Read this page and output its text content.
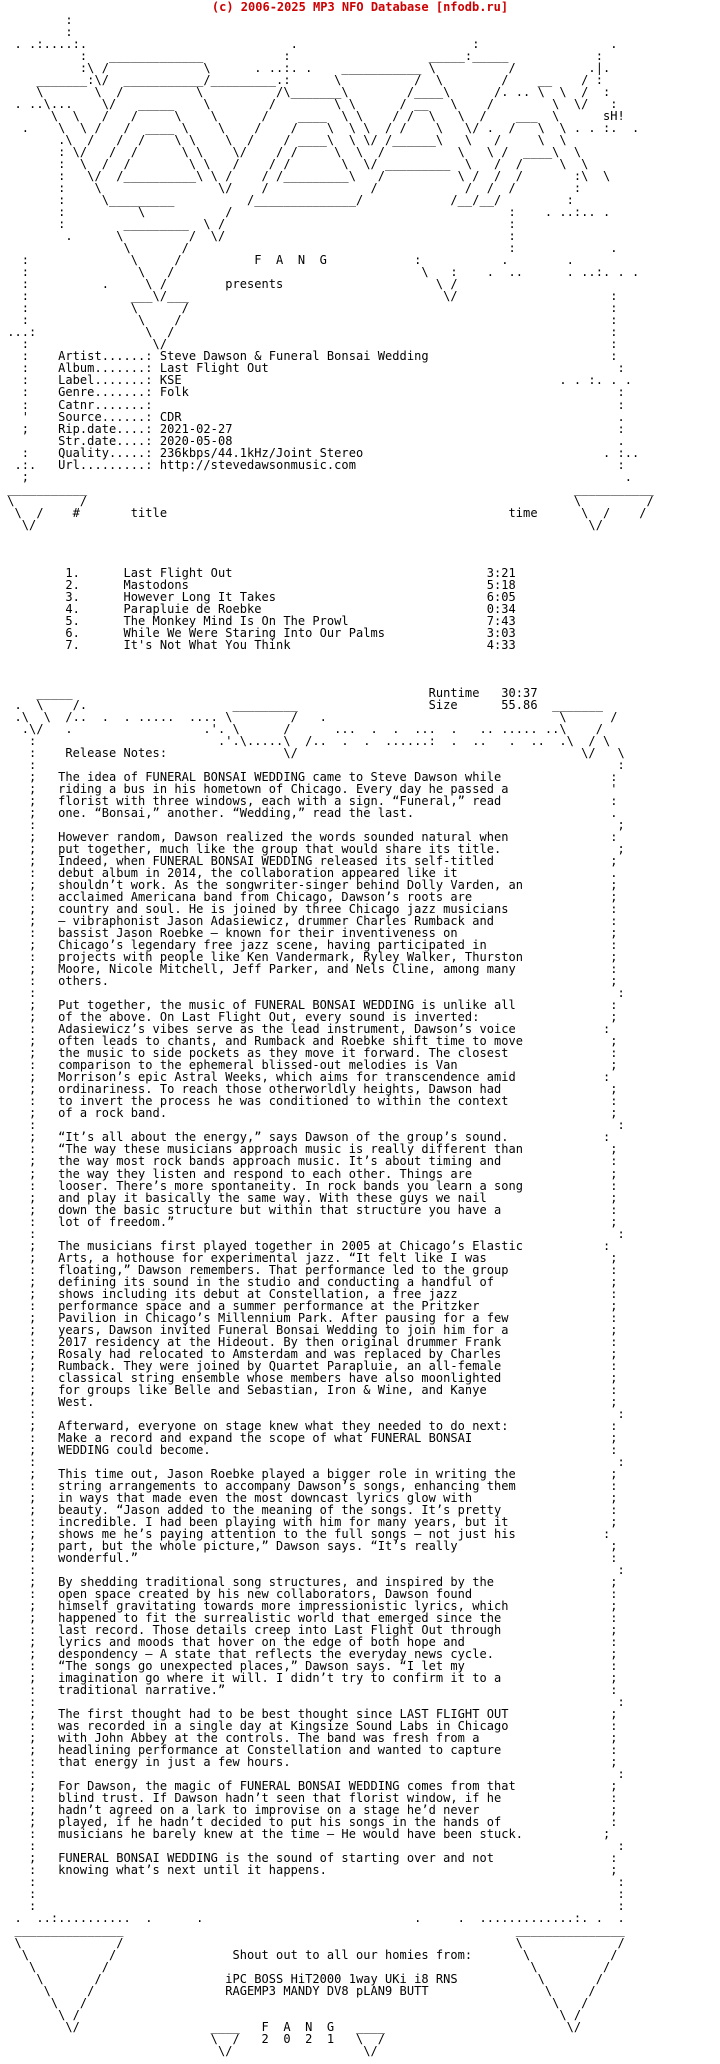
(c) 2006-2025 MP3 NFO Database [nfodb.ru]
:
:
. .:....:.                            .                        :                  .
:   _____________           :                   _____:_____            :
:\ /             \      . ..:. .    ___________ \          /          .|.
_______:\/  ___________/_________.:      \          /  \        /    __    / :
\       \  /          \          /\_______\        /____\      /. .. \  \  /  :
. ..\...    \/   _____    \        /        \ \      / __   \    /        \  \/   :
\  \   /   /     \    \      /    ____  \ \    / /  \   \  /    ___  \      sH!
.    \  \ /   /  ____ \    \    /    /    \  \ \  / /    \   \/ .  /   \  \ . . :.  .
.\  /   /  /    \ \    \  /    / ____\  \ \/ /______\   \   /     \  \
: \/   /  /      \ \    \/    / /     \  \  /          \   \ /  ____\  \
:  \  /  /        \ \   /    / /       \  \/ _________  \   /  /     \  \
:   \/  /__________\ \ /    / /_________\   /          \ /  /  /       :\  \
:    \                \/    /              /            /  /  /        :
:     \_________          /______________/            /__/__/         :
:          \           /                                      :    . ..:.. .
:        _________  \ /                                       :
.      \         /  \/                                       :
\       /                                            :             .
:              \     /          F  A  N  G            :           .        .
:               \   /                                  \   :    .  ..      . ..:. . .
:          .     \ /        presents                     \ /
:              ___\/___                                   \/                     :
:              \      /                                                          :
:               \    /                                                           :
...:               \  /                                                            :
:                 \/                                                             :
:    Artist......: Steve Dawson & Funeral Bonsai Wedding                         :
:    Album.......: Last Flight Out                                                :
:    Label.......: KSE                                                    . . :. . .
:    Genre.......: Folk                                                           :
:    Catnr.......:                                                                :
'    Source......: CDR                                                            .
;    Rip.date....: 2021-02-27                                                     :
Str.date....: 2020-05-08                                                     .
:    Quality.....: 236kbps/44.1kHz/Joint Stereo                                 . :..
.:.   Url.........: http://stevedawsonmusic.com                                    :
;                                                                                  .
___________                                                                   ___________
\         /                                                                   \         /
\  /    #       title                                               time      \  /    /
\/                                                                            \/

1.      Last Flight Out                                   3:21
2.      Mastodons                                         5:18
3.      However Long It Takes                             6:05
4.      Parapluie de Roebke                               0:34
5.      The Monkey Mind Is On The Prowl                   7:43
6.      While We Were Staring Into Our Palms              3:03
7.      It's Not What You Think                           4:33

_____                                                 Runtime   30:37
.  \    /.                    _________                  Size      55.86  _______
.\  \  /..  .  . .....  .... \        /   .                                \      /
.\/   .                  .'. \      /      ...  .  .  ...  .   .. ..... ..\    /
:                         .'.\.....\  /..  .  .  ......:  .  ..   .  ..  .\  / \
:    Release Notes:                \/                                       \/   \
:                                                                                :
;   The idea of FUNERAL BONSAI WEDDING came to Steve Dawson while               :
;   riding a bus in his hometown of Chicago. Every day he passed a              '
;   florist with three windows, each with a sign. “Funeral,” read               :
;   one. “Bonsai,” another. “Wedding,” read the last.                           .
:                                                                                ;
;   However random, Dawson realized the words sounded natural when              :
;   put together, much like the group that would share its title.                ;
;   Indeed, when FUNERAL BONSAI WEDDING released its self-titled                ;
:   debut album in 2014, the collaboration appeared like it                     .
;   shouldn’t work. As the songwriter-singer behind Dolly Varden, an            ;
:   acclaimed Americana band from Chicago, Dawson’s roots are                   ;
;   country and soul. He is joined by three Chicago jazz musicians              :
;   — vibraphonist Jason Adasiewicz, drummer Charles Rumback and                :
:   bassist Jason Roebke — known for their inventiveness on                     ;
;   Chicago’s legendary free jazz scene, having participated in                 :
:   projects with people like Ken Vandermark, Ryley Walker, Thurston            ;
;   Moore, Nicole Mitchell, Jeff Parker, and Nels Cline, among many             :
:   others.                                                                     ;
:                                                                                :
;   Put together, the music of FUNERAL BONSAI WEDDING is unlike all             :
;   of the above. On Last Flight Out, every sound is inverted:                  ;
:   Adasiewicz’s vibes serve as the lead instrument, Dawson’s voice            :
;   often leads to chants, and Rumback and Roebke shift time to move            ;
;   the music to side pockets as they move it forward. The closest              :
:   comparison to the ephemeral blissed-out melodies is Van                     ;
;   Morrison’s epic Astral Weeks, which aims for transcendence amid            :
;   ordinariness. To reach those otherworldly heights, Dawson had               ;
:   to invert the process he was conditioned to within the context              :
;   of a rock band.                                                             ;
:                                                                                :
;   “It’s all about the energy,” says Dawson of the group’s sound.             :
:   “The way these musicians approach music is really different than            ;
;   the way most rock bands approach music. It’s about timing and               :
;   the way they listen and respond to each other. Things are                   ;
:   looser. There’s more spontaneity. In rock bands you learn a song            :
;   and play it basically the same way. With these guys we nail                 ;
;   down the basic structure but within that structure you have a               :
:   lot of freedom.”                                                            ;
:                                                                                :
;   The musicians first played together in 2005 at Chicago’s Elastic           :
;   Arts, a hothouse for experimental jazz. “It felt like I was                 ;
:   floating,” Dawson remembers. That performance led to the group              :
;   defining its sound in the studio and conducting a handful of                ;
;   shows including its debut at Constellation, a free jazz                     :
:   performance space and a summer performance at the Pritzker                  ;
;   Pavilion in Chicago’s Millennium Park. After pausing for a few              :
;   years, Dawson invited Funeral Bonsai Wedding to join him for a              ;
:   2017 residency at the Hideout. By then original drummer Frank               :
;   Rosaly had relocated to Amsterdam and was replaced by Charles               ;
;   Rumback. They were joined by Quartet Parapluie, an all-female               :
:   classical string ensemble whose members have also moonlighted               ;
;   for groups like Belle and Sebastian, Iron & Wine, and Kanye                 :
:   West.                                                                       ;
:                                                                                :
;   Afterward, everyone on stage knew what they needed to do next:              :
:   Make a record and expand the scope of what FUNERAL BONSAI                   ;
;   WEDDING could become.                                                       :
:                                                                                :
;   This time out, Jason Roebke played a bigger role in writing the             ;
:   string arrangements to accompany Dawson’s songs, enhancing them             :
;   in ways that made even the most downcast lyrics glow with                   ;
;   beauty. “Jason added to the meaning of the songs. It’s pretty               :
:   incredible. I had been playing with him for many years, but it              ;
;   shows me he’s paying attention to the full songs — not just his            :
;   part, but the whole picture,” Dawson says. “It’s really                     ;
:   wonderful.”                                                                 :
:                                                                                :
;   By shedding traditional song structures, and inspired by the                ;
:   open space created by his new collaborators, Dawson found                   :
;   himself gravitating towards more impressionistic lyrics, which              ;
;   happened to fit the surrealistic world that emerged since the               :
:   last record. Those details creep into Last Flight Out through               ;
;   lyrics and moods that hover on the edge of both hope and                    :
;   despondency — A state that reflects the everyday news cycle.                ;
:   “The songs go unexpected places,” Dawson says. “I let my                    :
;   imagination go where it will. I didn’t try to confirm it to a               ;
:   traditional narrative.”                                                     :
:                                                                                :
;   The first thought had to be best thought since LAST FLIGHT OUT              ;
:   was recorded in a single day at Kingsize Sound Labs in Chicago              :
;   with John Abbey at the controls. The band was fresh from a                  ;
;   headlining performance at Constellation and wanted to capture               :
:   that energy in just a few hours.                                            ;
:                                                                                :
;   For Dawson, the magic of FUNERAL BONSAI WEDDING comes from that             ;
:   blind trust. If Dawson hadn’t seen that florist window, if he               :
;   hadn’t agreed on a lark to improvise on a stage he’d never                  ;
;   played, if he hadn’t decided to put his songs in the hands of               :
:   musicians he barely knew at the time — He would have been stuck.           ;
:                                                                                :
;   FUNERAL BONSAI WEDDING is the sound of starting over and not                :
:   knowing what’s next until it happens.                                       ;
:                                                                                :
:                                                                                :
:                                                                                :
.  ..:..........  .      .                             .     .  .............:. .  .
_______________                                                      _______________
\             /                                                      \             /
\           /                Shout out to all our homies from:       \           /
\         /                                                          \         /
\       /                 iPC BOSS HiT2000 1way UKi i8 RNS           \       /
\     /                  RAGEMP3 MANDY DV8 pLAN9 BUTT                \     /
\   /                                                                \   /
\ /                                                                  \ /
\/                  ____   F  A  N  G   ____                         \/
\  /   2  0  2  1   \  /
\/                  \/
